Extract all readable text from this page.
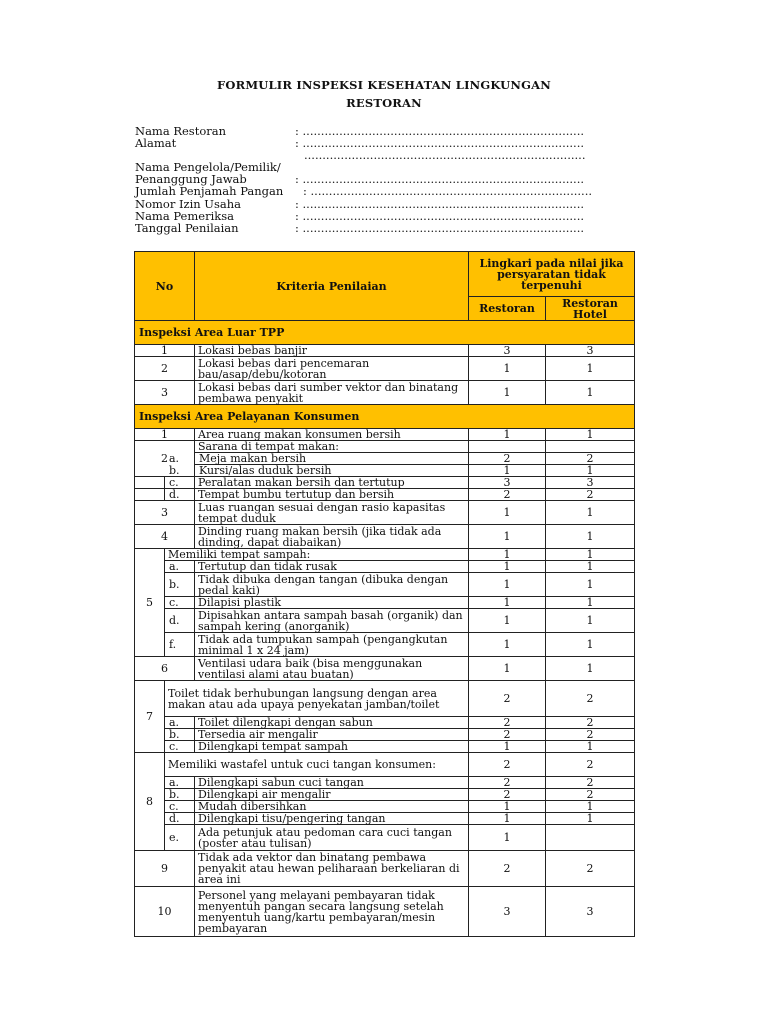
FORMULIR INSPEKSI KESEHATAN LINGKUNGAN
RESTORAN
Nama Restoran	: .............................................................................
Alamat	: .............................................................................
.............................................................................
Nama Pengelola/Pemilik/
Penanggung Jawab	: .............................................................................
Jumlah Penjamah Pangan : .............................................................................
Nomor Izin Usaha	: .............................................................................
Nama Pemeriksa	: .............................................................................
Tanggal Penilaian	: .............................................................................
No	Kriteria Penilaian	Lingkari pada nilai jika persyaratan tidak terpenuhi
Restoran	Restoran Hotel
Inspeksi Area Luar TPP
1	Lokasi bebas banjir	3	3
2	Lokasi bebas dari pencemaran bau/asap/debu/kotoran	1	1
3	Lokasi bebas dari sumber vektor dan binatang pembawa penyakit	1	1
Inspeksi Area Pelayanan Konsumen
1	Area ruang makan konsumen bersih	1	1
2	Sarana di tempat makan:		
a. Meja makan bersih	2	2
b. Kursi/alas duduk bersih	1	1
	c.	Peralatan makan bersih dan tertutup	3	3
	d.	Tempat bumbu tertutup dan bersih	2	2
3	Luas ruangan sesuai dengan rasio kapasitas tempat duduk	1	1
4	Dinding ruang makan bersih (jika tidak ada dinding, dapat diabaikan)	1	1
5	Memiliki tempat sampah:	1	1
a.	Tertutup dan tidak rusak	1	1
b.	Tidak dibuka dengan tangan (dibuka dengan pedal kaki)	1	1
c.	Dilapisi plastik	1	1
d.	Dipisahkan antara sampah basah (organik) dan sampah kering (anorganik)	1	1
f.	Tidak ada tumpukan sampah (pengangkutan minimal 1 x 24 jam)	1	1
6	Ventilasi udara baik (bisa menggunakan ventilasi alami atau buatan)	1	1
7	Toilet tidak berhubungan langsung dengan area makan atau ada upaya penyekatan jamban/toilet	2	2
a.	Toilet dilengkapi dengan sabun	2	2
b.	Tersedia air mengalir	2	2
c.	Dilengkapi tempat sampah	1	1
8	Memiliki wastafel untuk cuci tangan konsumen:	2	2
a.	Dilengkapi sabun cuci tangan	2	2
b.	Dilengkapi air mengalir	2	2
c.	Mudah dibersihkan	1	1
d.	Dilengkapi tisu/pengering tangan	1	1
e.	Ada petunjuk atau pedoman cara cuci tangan (poster atau tulisan)	1	
9	Tidak ada vektor dan binatang pembawa penyakit atau hewan peliharaan berkeliaran di area ini	2	2
10	Personel yang melayani pembayaran tidak menyentuh pangan secara langsung setelah menyentuh uang/kartu pembayaran/mesin pembayaran	3	3
